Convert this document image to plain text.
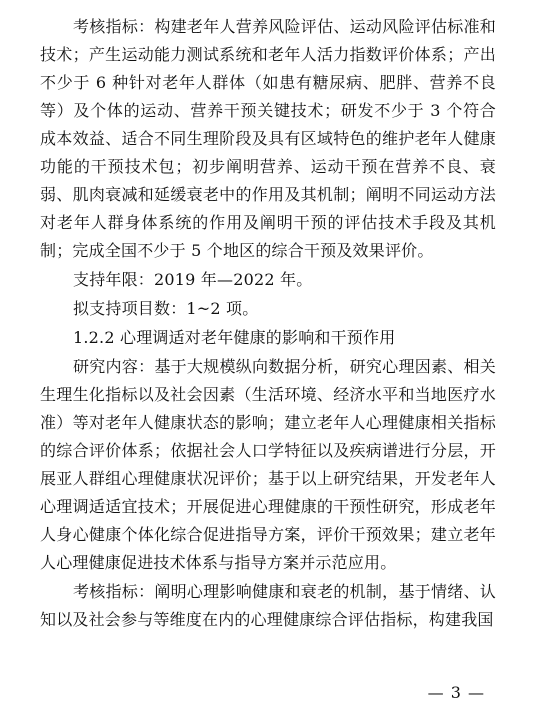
考核指标：构建老年人营养风险评估、运动风险评估标准和技术；产生运动能力测试系统和老年人活力指数评价体系；产出不少于 6 种针对老年人群体（如患有糖尿病、肥胖、营养不良等）及个体的运动、营养干预关键技术；研发不少于 3 个符合成本效益、适合不同生理阶段及具有区域特色的维护老年人健康功能的干预技术包；初步阐明营养、运动干预在营养不良、衰弱、肌肉衰减和延缓衰老中的作用及其机制；阐明不同运动方法对老年人群身体系统的作用及阐明干预的评估技术手段及其机制；完成全国不少于 5 个地区的综合干预及效果评价。

支持年限：2019 年—2022 年。

拟支持项目数：1~2 项。

1.2.2 心理调适对老年健康的影响和干预作用

研究内容：基于大规模纵向数据分析，研究心理因素、相关生理生化指标以及社会因素（生活环境、经济水平和当地医疗水准）等对老年人健康状态的影响；建立老年人心理健康相关指标的综合评价体系；依据社会人口学特征以及疾病谱进行分层，开展亚人群组心理健康状况评价；基于以上研究结果，开发老年人心理调适适宜技术；开展促进心理健康的干预性研究，形成老年人身心健康个体化综合促进指导方案，评价干预效果；建立老年人心理健康促进技术体系与指导方案并示范应用。

考核指标：阐明心理影响健康和衰老的机制，基于情绪、认知以及社会参与等维度在内的心理健康综合评估指标，构建我国

— 3 —
